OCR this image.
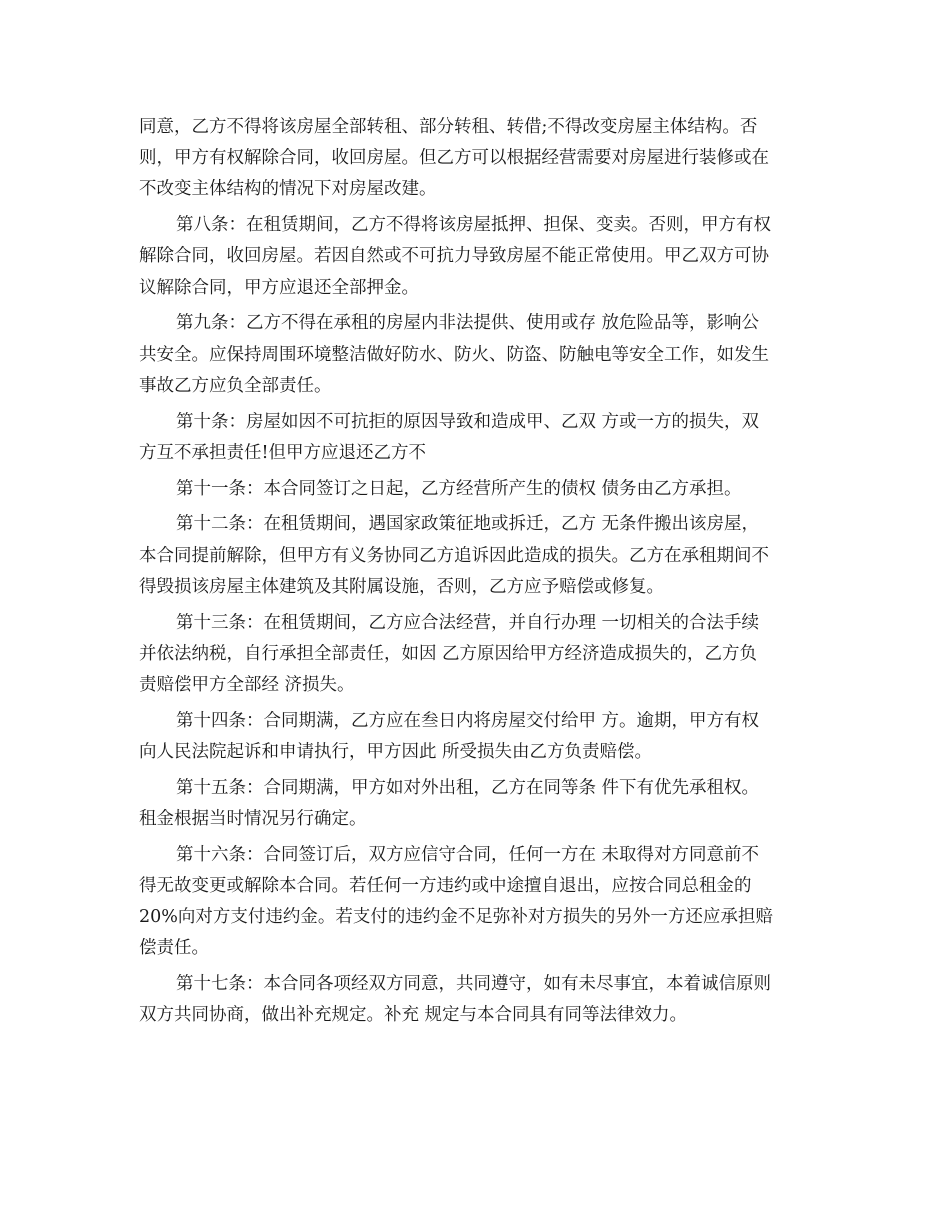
同意，乙方不得将该房屋全部转租、部分转租、转借;不得改变房屋主体结构。否
则，甲方有权解除合同，收回房屋。但乙方可以根据经营需要对房屋进行装修或在
不改变主体结构的情况下对房屋改建。
第八条：在租赁期间，乙方不得将该房屋抵押、担保、变卖。否则，甲方有权
解除合同，收回房屋。若因自然或不可抗力导致房屋不能正常使用。甲乙双方可协
议解除合同，甲方应退还全部押金。
第九条：乙方不得在承租的房屋内非法提供、使用或存 放危险品等，影响公
共安全。应保持周围环境整洁做好防水、防火、防盗、防触电等安全工作，如发生
事故乙方应负全部责任。
第十条：房屋如因不可抗拒的原因导致和造成甲、乙双 方或一方的损失，双
方互不承担责任!但甲方应退还乙方不
第十一条：本合同签订之日起，乙方经营所产生的债权 债务由乙方承担。
第十二条：在租赁期间，遇国家政策征地或拆迁，乙方 无条件搬出该房屋，
本合同提前解除，但甲方有义务协同乙方追诉因此造成的损失。乙方在承租期间不
得毁损该房屋主体建筑及其附属设施，否则，乙方应予赔偿或修复。
第十三条：在租赁期间，乙方应合法经营，并自行办理 一切相关的合法手续
并依法纳税，自行承担全部责任，如因 乙方原因给甲方经济造成损失的，乙方负
责赔偿甲方全部经 济损失。
第十四条：合同期满，乙方应在叁日内将房屋交付给甲 方。逾期，甲方有权
向人民法院起诉和申请执行，甲方因此 所受损失由乙方负责赔偿。
第十五条：合同期满，甲方如对外出租，乙方在同等条 件下有优先承租权。
租金根据当时情况另行确定。
第十六条：合同签订后，双方应信守合同，任何一方在 未取得对方同意前不
得无故变更或解除本合同。若任何一方违约或中途擅自退出，应按合同总租金的
20%向对方支付违约金。若支付的违约金不足弥补对方损失的另外一方还应承担赔
偿责任。
第十七条：本合同各项经双方同意，共同遵守，如有未尽事宜，本着诚信原则
双方共同协商，做出补充规定。补充 规定与本合同具有同等法律效力。
